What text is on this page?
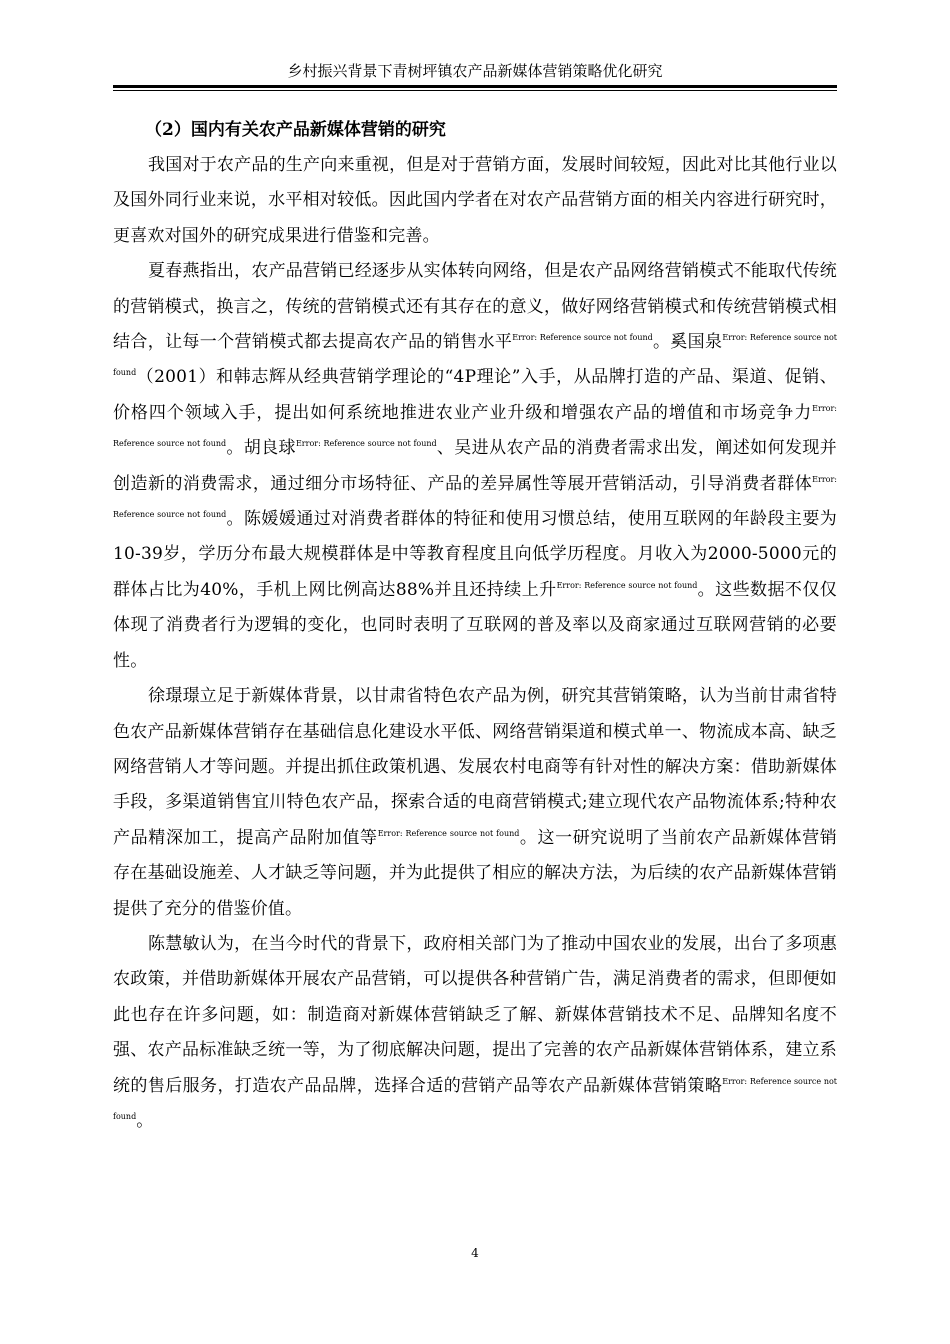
乡村振兴背景下青树坪镇农产品新媒体营销策略优化研究

（2）国内有关农产品新媒体营销的研究

我国对于农产品的生产向来重视，但是对于营销方面，发展时间较短，因此对比其他行业以及国外同行业来说，水平相对较低。因此国内学者在对农产品营销方面的相关内容进行研究时，更喜欢对国外的研究成果进行借鉴和完善。

夏春燕指出，农产品营销已经逐步从实体转向网络，但是农产品网络营销模式不能取代传统的营销模式，换言之，传统的营销模式还有其存在的意义，做好网络营销模式和传统营销模式相结合，让每一个营销模式都去提高农产品的销售水平$^{Error: Reference source not found}$。奚国泉$^{Error: Reference source not found}$（2001）和韩志辉从经典营销学理论的“4P理论”入手，从品牌打造的产品、渠道、促销、价格四个领域入手，提出如何系统地推进农业产业升级和增强农产品的增值和市场竞争力$^{Error: Reference source not found}$。胡良球$^{Error: Reference source not found}$、吴进从农产品的消费者需求出发，阐述如何发现并创造新的消费需求，通过细分市场特征、产品的差异属性等展开营销活动，引导消费者群体$^{Error: Reference source not found}$。陈媛媛通过对消费者群体的特征和使用习惯总结，使用互联网的年龄段主要为10-39岁，学历分布最大规模群体是中等教育程度且向低学历程度。月收入为2000-5000元的群体占比为40%，手机上网比例高达88%并且还持续上升$^{Error: Reference source not found}$。这些数据不仅仅体现了消费者行为逻辑的变化，也同时表明了互联网的普及率以及商家通过互联网营销的必要性。

徐璟璟立足于新媒体背景，以甘肃省特色农产品为例，研究其营销策略，认为当前甘肃省特色农产品新媒体营销存在基础信息化建设水平低、网络营销渠道和模式单一、物流成本高、缺乏网络营销人才等问题。并提出抓住政策机遇、发展农村电商等有针对性的解决方案：借助新媒体手段，多渠道销售宜川特色农产品，探索合适的电商营销模式;建立现代农产品物流体系;特种农产品精深加工，提高产品附加值等$^{Error: Reference source not found}$。这一研究说明了当前农产品新媒体营销存在基础设施差、人才缺乏等问题，并为此提供了相应的解决方法，为后续的农产品新媒体营销提供了充分的借鉴价值。

陈慧敏认为，在当今时代的背景下，政府相关部门为了推动中国农业的发展，出台了多项惠农政策，并借助新媒体开展农产品营销，可以提供各种营销广告，满足消费者的需求，但即便如此也存在许多问题，如：制造商对新媒体营销缺乏了解、新媒体营销技术不足、品牌知名度不强、农产品标准缺乏统一等，为了彻底解决问题，提出了完善的农产品新媒体营销体系，建立系统的售后服务，打造农产品品牌，选择合适的营销产品等农产品新媒体营销策略$^{Error: Reference source not found}$。

4
